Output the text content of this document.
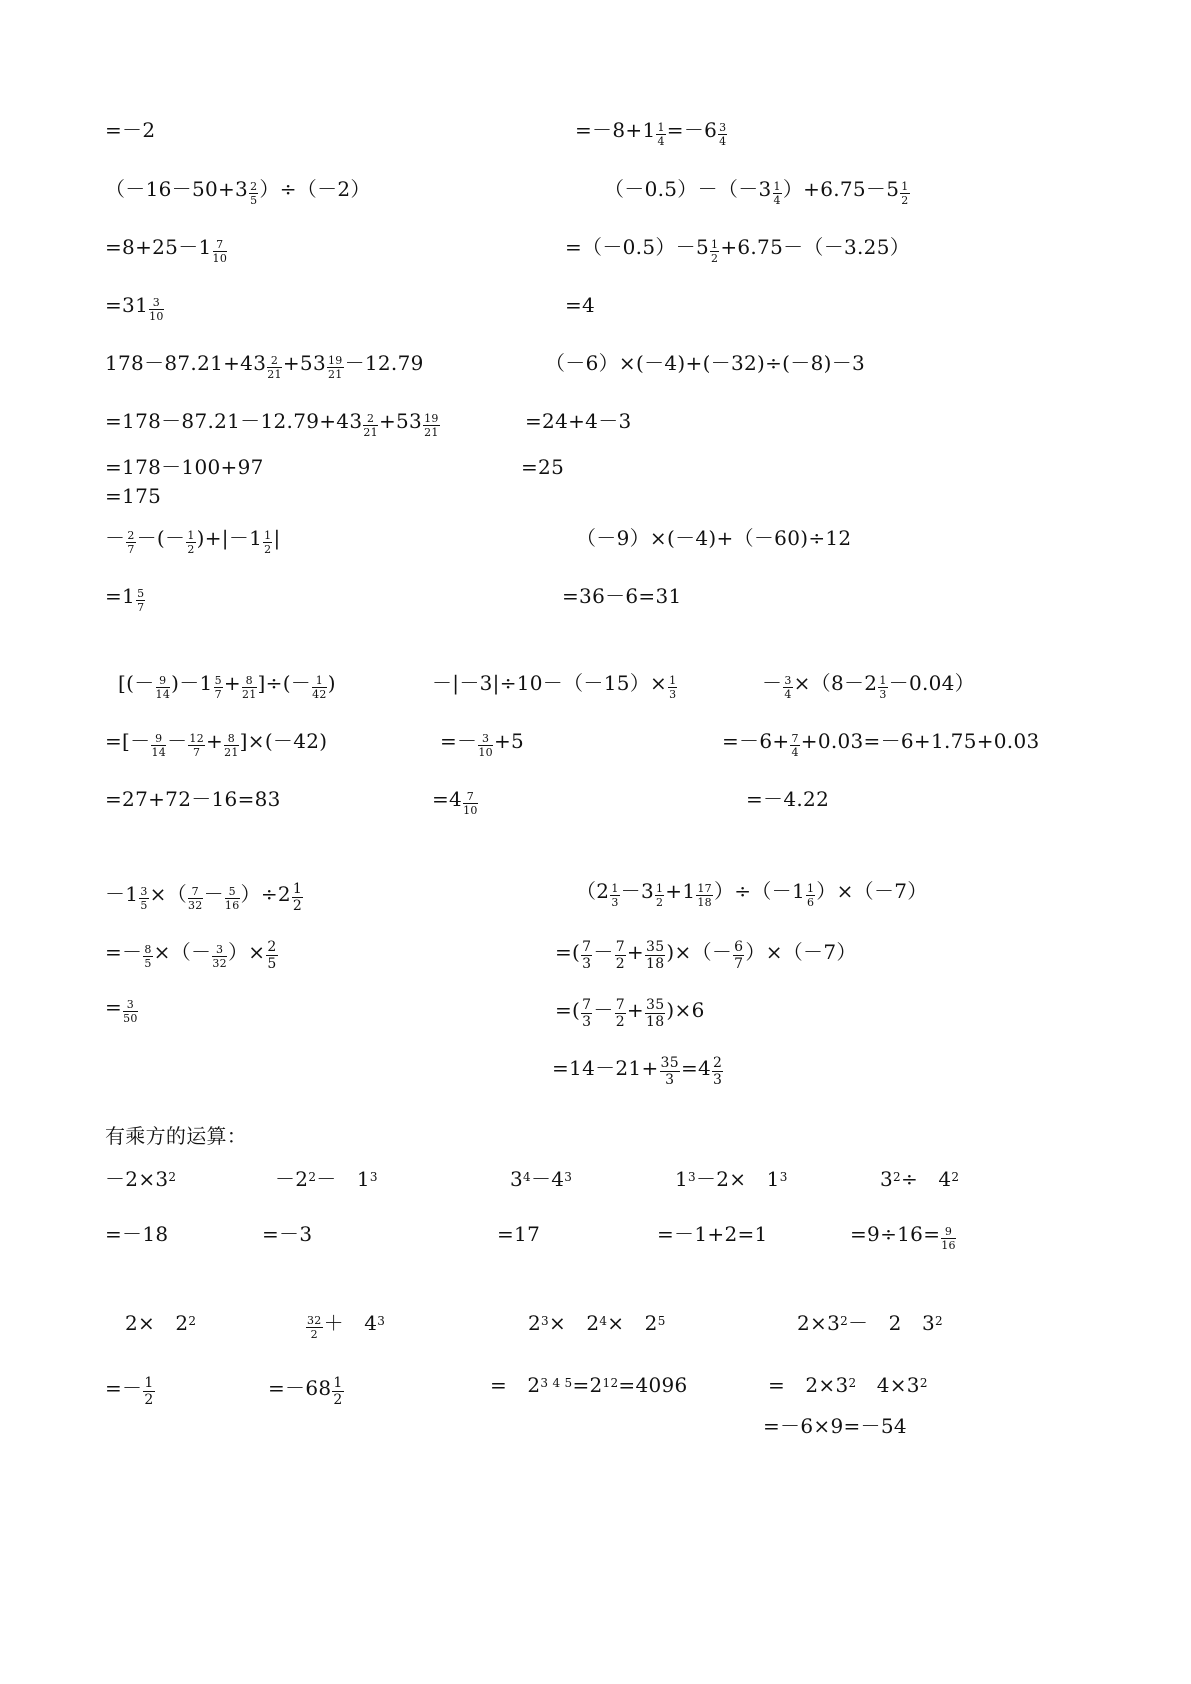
=－2	$=-8+1 \frac{1}{4} =-6 \frac{3}{4}$
$(-16-50+3 \frac{2}{5} )\div(-2)$	$(-0.5)-(-3 \frac{1}{4} )+6.75-5 \frac{1}{2}$
$=8+25-1 \frac{7}{10}$	$=(-0.5)-5 \frac{1}{2} +6.75-(-3.25)$
$=31 \frac{3}{10}$	=4
$178-87.21+43 \frac{2}{21} +53 \frac{19}{21} -12.79$	（－6）×(－4)+(－32)÷(－8)－3
$=178-87.21-12.79+43 \frac{2}{21} +53 \frac{19}{21}$	=24+4－3
=178－100+97	=25
=175
－ $\frac{2}{7}$ －(－ $\frac{1}{2} )+|-1 \frac{1}{2}$ |	（－9）×(－4)+（－60)÷12
$=1 \frac{5}{7}$	=36－6=31
[(－ $\frac{9}{14} )-1 \frac{5}{7} + \frac{8}{21}$ ]÷(－ $\frac{1}{42}$ )	$-|-3|\div 10-(-15)\times \frac{1}{3}$	－ $\frac{3}{4} \times(8-2 \frac{1}{3} -0.04)$
=[－ $\frac{9}{14} - \frac{12}{7} + \frac{8}{21} ]\times(-42)$	=－ $\frac{3}{10} +5$	$=-6+ \frac{7}{4} +0.03=-6+1.75+0.03$
=27+72－16=83	$=4 \frac{7}{10}$	=－4.22
$-1 \frac{3}{5}$ ×（ $\frac{7}{32} - \frac{5}{16} )\div 2 \frac{1}{2}$	$(2 \frac{1}{3} -3 \frac{1}{2} +1 \frac{17}{18} )\div(-1 \frac{1}{6} )\times(-7)$
=－ $\frac{8}{5}$ ×（－ $\frac{3}{32}$ ）× $\frac{2}{5}$	=( $\frac{7}{3} - \frac{7}{2} + \frac{35}{18}$ )×（－ $\frac{6}{7} )\times(-7)$
= $\frac{3}{50}$	=( $\frac{7}{3} - \frac{7}{2} + \frac{35}{18} )\times 6$
$=14-21+ \frac{35}{3} =4 \frac{2}{3}$
有乘方的运算：
$-2\times 3^2$	$-2^2-$　$1^3$	$3^4-4^3$	$1^3-2\times$　$1^3$	$3^2\div$　$4^2$
=－18	=－3	=17	=－1+2=1	$=9\div 16= \frac{9}{16}$
2×　$2^2$	$\frac{32}{2}$ ＋　$4^3$	$2^3\times$　$2^4\times$　$2^5$	$2\times 3^2-$　2　$3^2$
=－ $\frac{1}{2}$	$=-68 \frac{1}{2}$	=　$2^{3 4 5}=2^{12}=4096$	=　$2\times 3^2$　$4\times 3^2$
=－6×9=－54
